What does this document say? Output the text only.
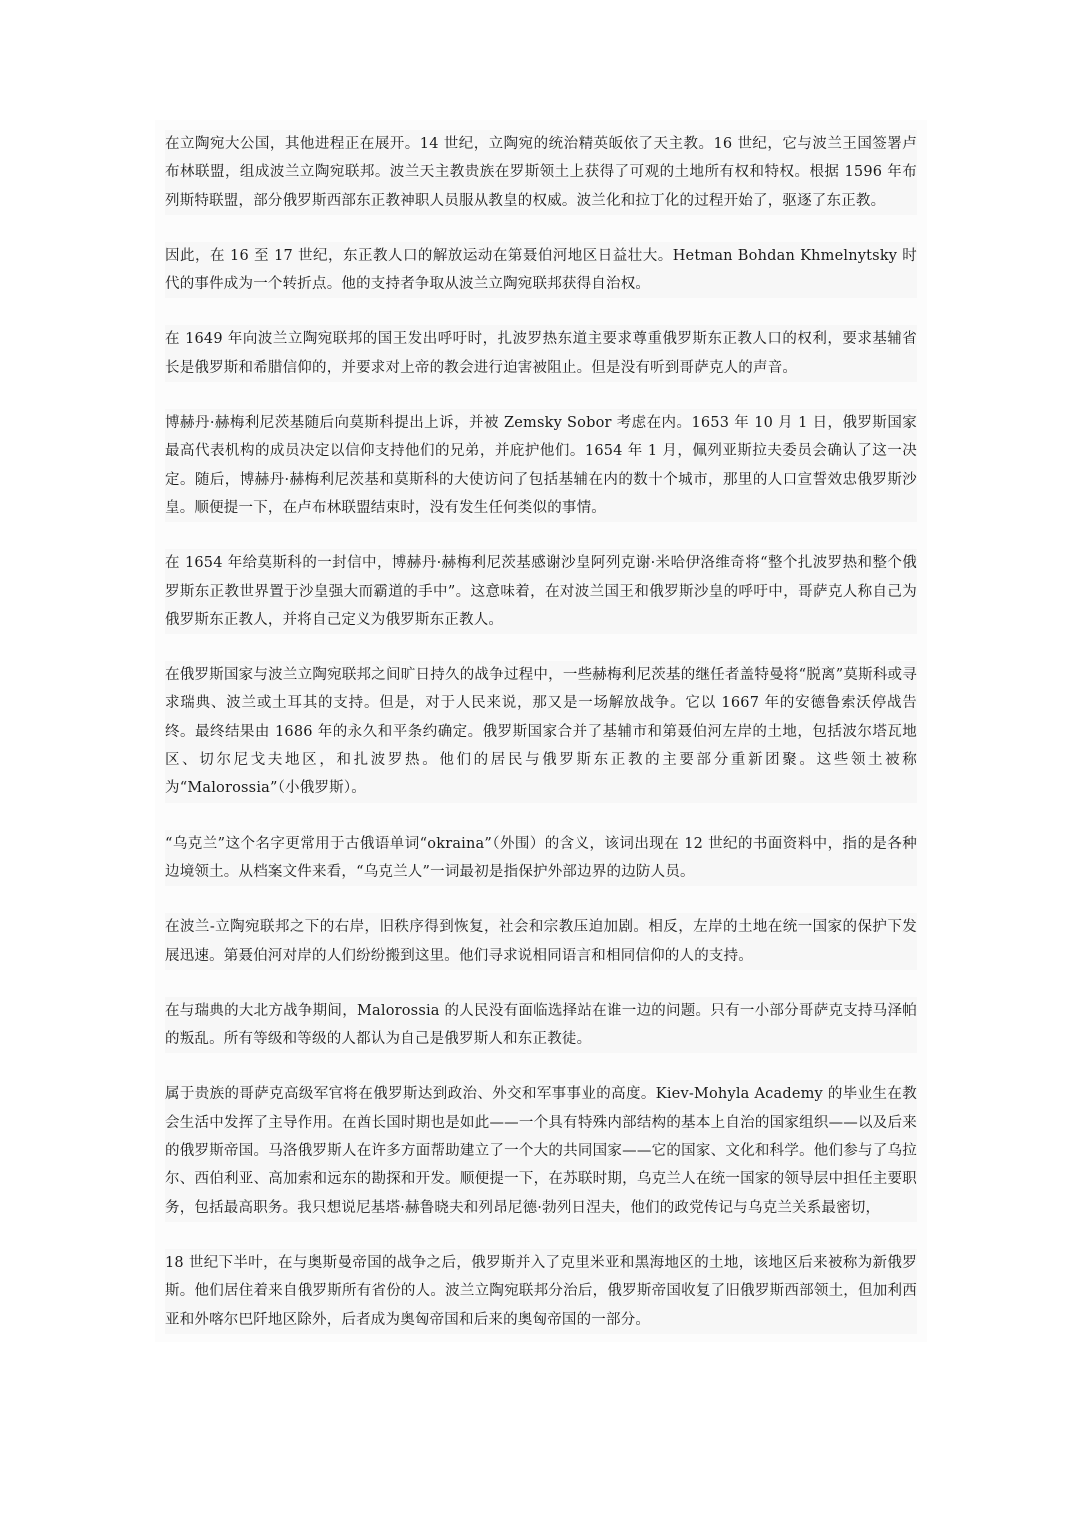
在立陶宛大公国，其他进程正在展开。14 世纪，立陶宛的统治精英皈依了天主教。16 世纪，它与波兰王国签署卢布林联盟，组成波兰立陶宛联邦。波兰天主教贵族在罗斯领土上获得了可观的土地所有权和特权。根据 1596 年布列斯特联盟，部分俄罗斯西部东正教神职人员服从教皇的权威。波兰化和拉丁化的过程开始了，驱逐了东正教。

因此，在 16 至 17 世纪，东正教人口的解放运动在第聂伯河地区日益壮大。Hetman Bohdan Khmelnytsky 时代的事件成为一个转折点。他的支持者争取从波兰立陶宛联邦获得自治权。

在 1649 年向波兰立陶宛联邦的国王发出呼吁时，扎波罗热东道主要求尊重俄罗斯东正教人口的权利，要求基辅省长是俄罗斯和希腊信仰的，并要求对上帝的教会进行迫害被阻止。但是没有听到哥萨克人的声音。

博赫丹·赫梅利尼茨基随后向莫斯科提出上诉，并被 Zemsky Sobor 考虑在内。1653 年 10 月 1 日，俄罗斯国家最高代表机构的成员决定以信仰支持他们的兄弟，并庇护他们。1654 年 1 月，佩列亚斯拉夫委员会确认了这一决定。随后，博赫丹·赫梅利尼茨基和莫斯科的大使访问了包括基辅在内的数十个城市，那里的人口宣誓效忠俄罗斯沙皇。顺便提一下，在卢布林联盟结束时，没有发生任何类似的事情。

在 1654 年给莫斯科的一封信中，博赫丹·赫梅利尼茨基感谢沙皇阿列克谢·米哈伊洛维奇将“整个扎波罗热和整个俄罗斯东正教世界置于沙皇强大而霸道的手中”。这意味着，在对波兰国王和俄罗斯沙皇的呼吁中，哥萨克人称自己为俄罗斯东正教人，并将自己定义为俄罗斯东正教人。

在俄罗斯国家与波兰立陶宛联邦之间旷日持久的战争过程中，一些赫梅利尼茨基的继任者盖特曼将“脱离”莫斯科或寻求瑞典、波兰或土耳其的支持。但是，对于人民来说，那又是一场解放战争。它以 1667 年的安德鲁索沃停战告终。最终结果由 1686 年的永久和平条约确定。俄罗斯国家合并了基辅市和第聂伯河左岸的土地，包括波尔塔瓦地区、切尔尼戈夫地区，和扎波罗热。他们的居民与俄罗斯东正教的主要部分重新团聚。这些领土被称为“Malorossia”（小俄罗斯）。

“乌克兰”这个名字更常用于古俄语单词“okraina”（外围）的含义，该词出现在 12 世纪的书面资料中，指的是各种边境领土。从档案文件来看，“乌克兰人”一词最初是指保护外部边界的边防人员。

在波兰-立陶宛联邦之下的右岸，旧秩序得到恢复，社会和宗教压迫加剧。相反，左岸的土地在统一国家的保护下发展迅速。第聂伯河对岸的人们纷纷搬到这里。他们寻求说相同语言和相同信仰的人的支持。

在与瑞典的大北方战争期间，Malorossia 的人民没有面临选择站在谁一边的问题。只有一小部分哥萨克支持马泽帕的叛乱。所有等级和等级的人都认为自己是俄罗斯人和东正教徒。

属于贵族的哥萨克高级军官将在俄罗斯达到政治、外交和军事事业的高度。Kiev-Mohyla Academy 的毕业生在教会生活中发挥了主导作用。在酋长国时期也是如此——一个具有特殊内部结构的基本上自治的国家组织——以及后来的俄罗斯帝国。马洛俄罗斯人在许多方面帮助建立了一个大的共同国家——它的国家、文化和科学。他们参与了乌拉尔、西伯利亚、高加索和远东的勘探和开发。顺便提一下，在苏联时期，乌克兰人在统一国家的领导层中担任主要职务，包括最高职务。我只想说尼基塔·赫鲁晓夫和列昂尼德·勃列日涅夫，他们的政党传记与乌克兰关系最密切，

18 世纪下半叶，在与奥斯曼帝国的战争之后，俄罗斯并入了克里米亚和黑海地区的土地，该地区后来被称为新俄罗斯。他们居住着来自俄罗斯所有省份的人。波兰立陶宛联邦分治后，俄罗斯帝国收复了旧俄罗斯西部领土，但加利西亚和外喀尔巴阡地区除外，后者成为奥匈帝国和后来的奥匈帝国的一部分。
